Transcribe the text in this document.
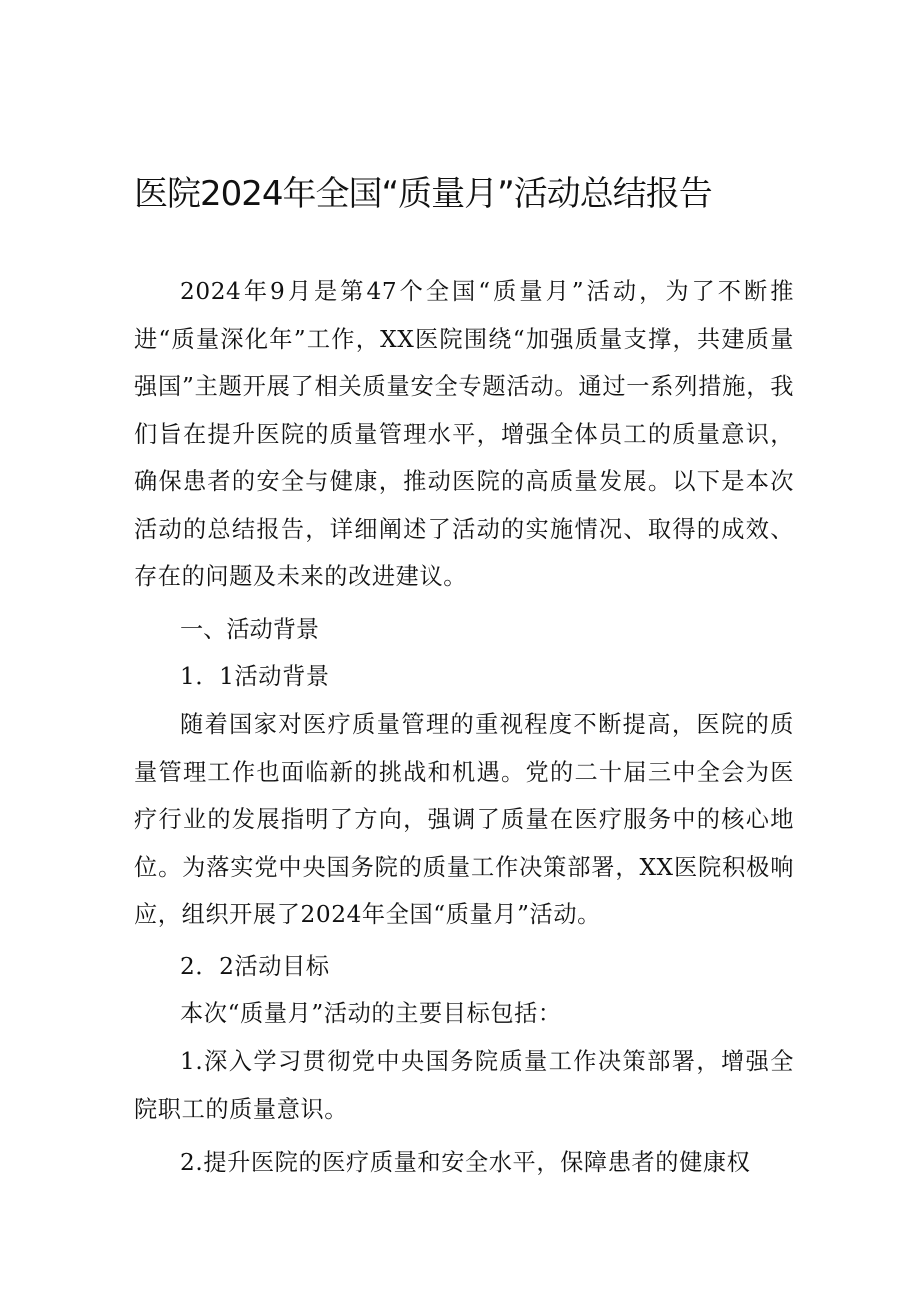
医院2024年全国“质量月”活动总结报告

2024年9月是第47个全国“质量月”活动，为了不断推进“质量深化年”工作，XX医院围绕“加强质量支撑，共建质量强国”主题开展了相关质量安全专题活动。通过一系列措施，我们旨在提升医院的质量管理水平，增强全体员工的质量意识，确保患者的安全与健康，推动医院的高质量发展。以下是本次活动的总结报告，详细阐述了活动的实施情况、取得的成效、存在的问题及未来的改进建议。

一、活动背景
1．1活动背景

随着国家对医疗质量管理的重视程度不断提高，医院的质量管理工作也面临新的挑战和机遇。党的二十届三中全会为医疗行业的发展指明了方向，强调了质量在医疗服务中的核心地位。为落实党中央国务院的质量工作决策部署，XX医院积极响应，组织开展了2024年全国“质量月”活动。

2．2活动目标
本次“质量月”活动的主要目标包括：

1.深入学习贯彻党中央国务院质量工作决策部署，增强全院职工的质量意识。

2.提升医院的医疗质量和安全水平，保障患者的健康权
